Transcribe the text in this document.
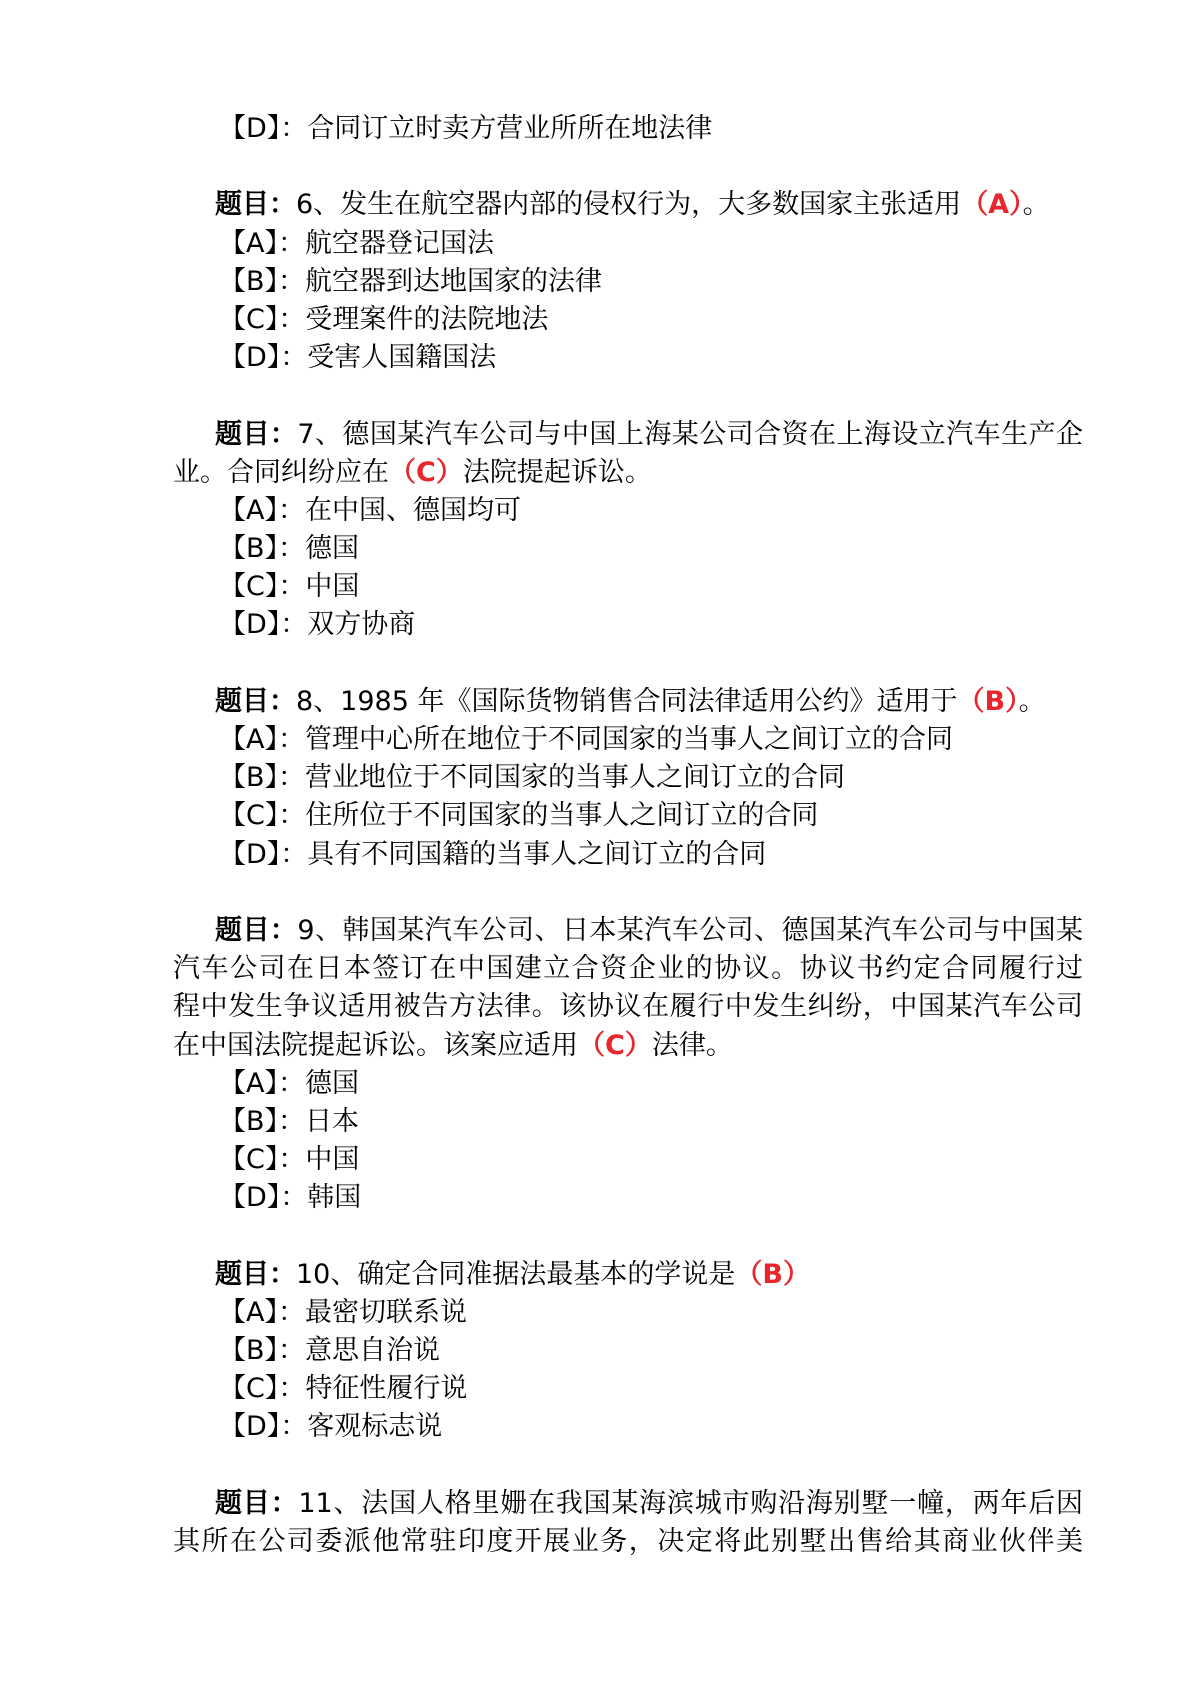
【D】：合同订立时卖方营业所所在地法律
题目：6、发生在航空器内部的侵权行为，大多数国家主张适用（A）。
【A】：航空器登记国法
【B】：航空器到达地国家的法律
【C】：受理案件的法院地法
【D】：受害人国籍国法
题目：7、德国某汽车公司与中国上海某公司合资在上海设立汽车生产企
业。合同纠纷应在（C）法院提起诉讼。
【A】：在中国、德国均可
【B】：德国
【C】：中国
【D】：双方协商
题目：8、1985 年《国际货物销售合同法律适用公约》适用于（B）。
【A】：管理中心所在地位于不同国家的当事人之间订立的合同
【B】：营业地位于不同国家的当事人之间订立的合同
【C】：住所位于不同国家的当事人之间订立的合同
【D】：具有不同国籍的当事人之间订立的合同
题目：9、韩国某汽车公司、日本某汽车公司、德国某汽车公司与中国某
汽车公司在日本签订在中国建立合资企业的协议。协议书约定合同履行过
程中发生争议适用被告方法律。该协议在履行中发生纠纷，中国某汽车公司
在中国法院提起诉讼。该案应适用（C）法律。
【A】：德国
【B】：日本
【C】：中国
【D】：韩国
题目：10、确定合同准据法最基本的学说是（B）
【A】：最密切联系说
【B】：意思自治说
【C】：特征性履行说
【D】：客观标志说
题目：11、法国人格里姗在我国某海滨城市购沿海别墅一幢，两年后因
其所在公司委派他常驻印度开展业务，决定将此别墅出售给其商业伙伴美
